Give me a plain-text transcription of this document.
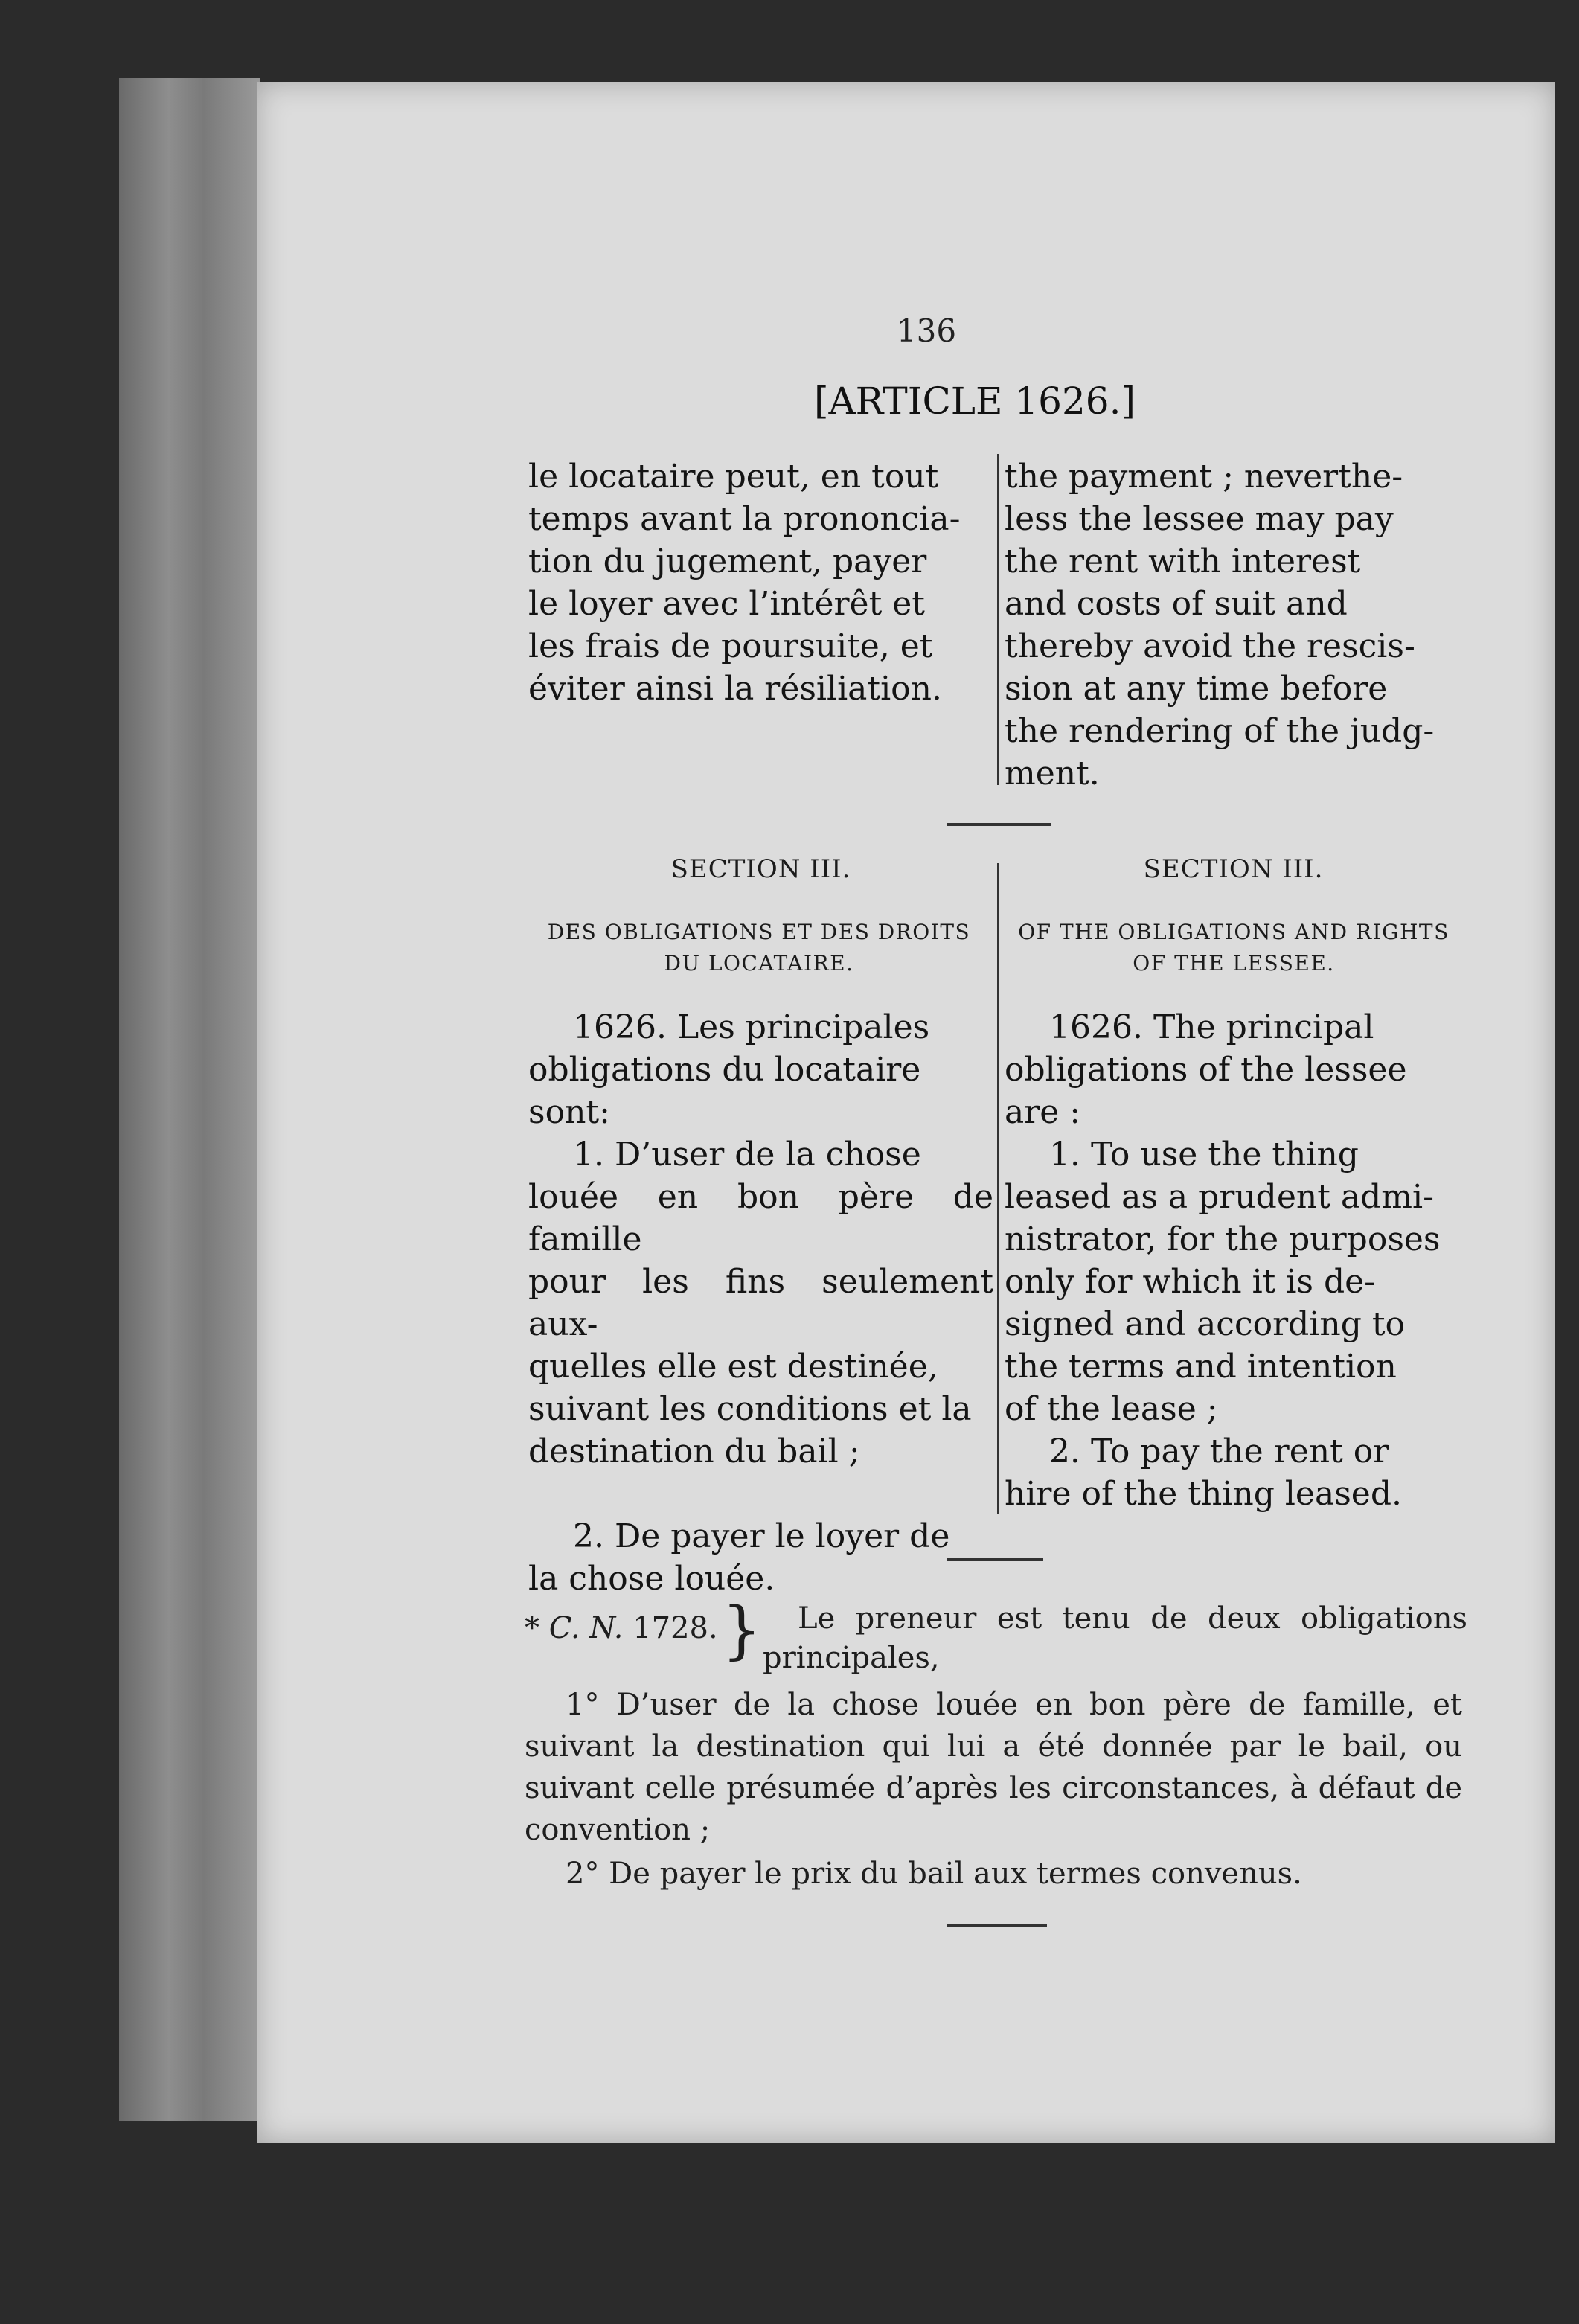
136
[ARTICLE 1626.]

le locataire peut, en tout

temps avant la prononcia-

tion du jugement, payer

le loyer avec l’intérêt et

les frais de poursuite, et

éviter ainsi la résiliation.

the payment ; neverthe-

less the lessee may pay

the rent with interest

and costs of suit and

thereby avoid the rescis-

sion at any time before

the rendering of the judg-

ment.

SECTION III.	SECTION III.
DES OBLIGATIONS ET DES DROITS
DU LOCATAIRE.
OF THE OBLIGATIONS AND RIGHTS
OF THE LESSEE.

1626. Les principales

obligations du locataire

sont:

1. D’user de la chose

louée en bon père de famille

pour les fins seulement aux-

quelles elle est destinée,

suivant les conditions et la

destination du bail ;

2. De payer le loyer de

la chose louée.

1626. The principal

obligations of the lessee

are :

1. To use the thing

leased as a prudent admi-

nistrator, for the purposes

only for which it is de-

signed and according to

the terms and intention

of the lease ;

2. To pay the rent or

hire of the thing leased.

* C. N. 1728. } Le preneur est tenu de deux obligations
principales,
1° D’user de la chose louée en bon père de famille, et suivant la destination qui lui a été donnée par le bail, ou suivant celle présumée d’après les circonstances, à défaut de convention ;
2° De payer le prix du bail aux termes convenus.
